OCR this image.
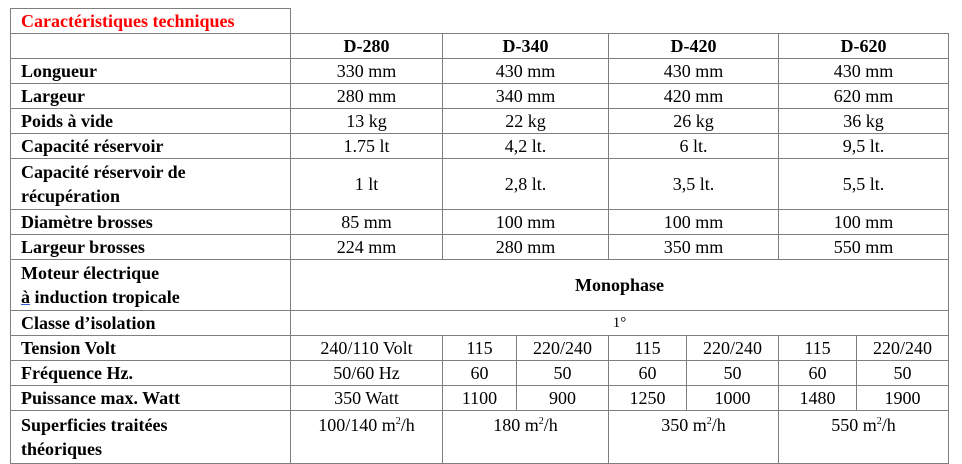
Caractéristiques techniques							
	D-280	D-340		D-420		D-620	
Longueur	330 mm	430 mm		430 mm		430 mm	
Largeur	280 mm	340 mm		420 mm		620 mm	
Poids à vide	13 kg	22 kg		26 kg		36 kg	
Capacité réservoir	1.75 lt	4,2 lt.		6 lt.		9,5 lt.	

Capacité réservoir de
récupération	1 lt	2,8 lt.		3,5 lt.		5,5 lt.	
Diamètre brosses	85 mm	100 mm		100 mm		100 mm	
Largeur brosses	224 mm	280 mm		350 mm		550 mm	

Moteur électrique
à induction tropicale	Monophase						
Classe d’isolation	1°						
Tension Volt	240/110 Volt	115	220/240	115	220/240	115	220/240
Fréquence Hz.	50/60 Hz	60	50	60	50	60	50
Puissance max. Watt	350 Watt	1100	900	1250	1000	1480	1900

Superficies traitées
théoriques	100/140 $m^2/h$	180 $m^2/h$		350 $m^2/h$		550 $m^2/h$	
